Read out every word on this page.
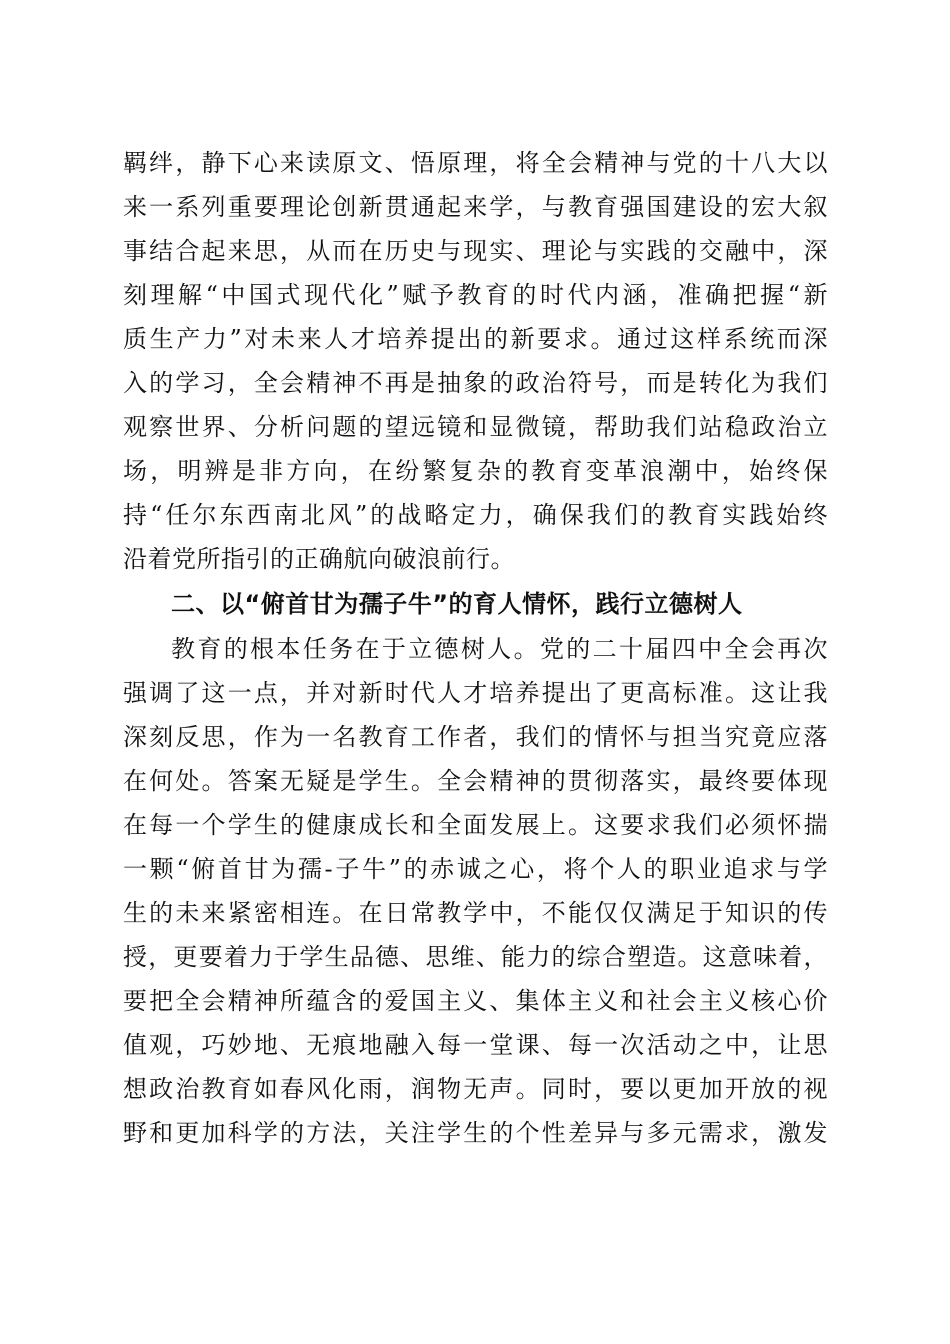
羁绊，静下心来读原文、悟原理，将全会精神与党的十八大以
来一系列重要理论创新贯通起来学，与教育强国建设的宏大叙
事结合起来思，从而在历史与现实、理论与实践的交融中，深
刻理解“中国式现代化”赋予教育的时代内涵，准确把握“新
质生产力”对未来人才培养提出的新要求。通过这样系统而深
入的学习，全会精神不再是抽象的政治符号，而是转化为我们
观察世界、分析问题的望远镜和显微镜，帮助我们站稳政治立
场，明辨是非方向，在纷繁复杂的教育变革浪潮中，始终保
持“任尔东西南北风”的战略定力，确保我们的教育实践始终
沿着党所指引的正确航向破浪前行。
二、以“俯首甘为孺子牛”的育人情怀，践行立德树人
教育的根本任务在于立德树人。党的二十届四中全会再次
强调了这一点，并对新时代人才培养提出了更高标准。这让我
深刻反思，作为一名教育工作者，我们的情怀与担当究竟应落
在何处。答案无疑是学生。全会精神的贯彻落实，最终要体现
在每一个学生的健康成长和全面发展上。这要求我们必须怀揣
一颗“俯首甘为孺-子牛”的赤诚之心，将个人的职业追求与学
生的未来紧密相连。在日常教学中，不能仅仅满足于知识的传
授，更要着力于学生品德、思维、能力的综合塑造。这意味着，
要把全会精神所蕴含的爱国主义、集体主义和社会主义核心价
值观，巧妙地、无痕地融入每一堂课、每一次活动之中，让思
想政治教育如春风化雨，润物无声。同时，要以更加开放的视
野和更加科学的方法，关注学生的个性差异与多元需求，激发
